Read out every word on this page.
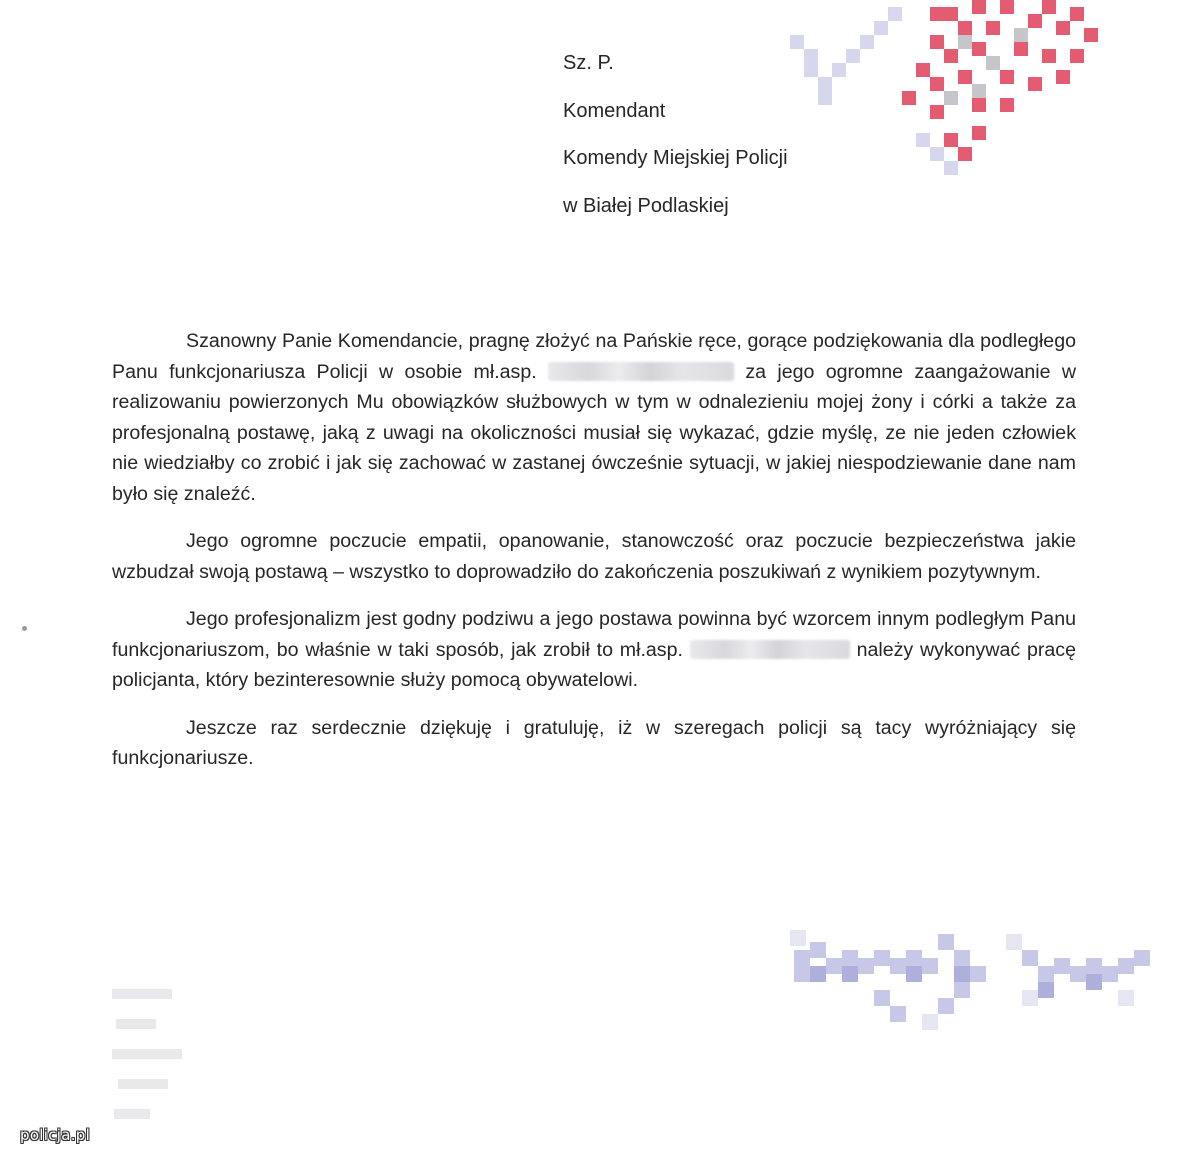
Sz. P.
Komendant
Komendy Miejskiej Policji
w Białej Podlaskiej

Szanowny Panie Komendancie, pragnę złożyć na Pańskie ręce, gorące podziękowania dla podległego Panu funkcjonariusza Policji w osobie mł.asp.	za jego ogromne zaangażowanie w realizowaniu powierzonych Mu obowiązków służbowych w tym w odnalezieniu mojej żony i córki a także za profesjonalną postawę, jaką z uwagi na okoliczności musiał się wykazać, gdzie myślę, ze nie jeden człowiek nie wiedziałby co zrobić i jak się zachować w zastanej ówcześnie sytuacji, w jakiej niespodziewanie dane nam było się znaleźć.

Jego ogromne poczucie empatii, opanowanie, stanowczość oraz poczucie bezpieczeństwa jakie wzbudzał swoją postawą – wszystko to doprowadziło do zakończenia poszukiwań z wynikiem pozytywnym.

Jego profesjonalizm jest godny podziwu a jego postawa powinna być wzorcem innym podległym Panu funkcjonariuszom, bo właśnie w taki sposób, jak zrobił to mł.asp.	należy wykonywać pracę policjanta, który bezinteresownie służy pomocą obywatelowi.

Jeszcze raz serdecznie dziękuję i gratuluję, iż w szeregach policji są tacy wyróżniający się funkcjonariusze.

policja.pl
